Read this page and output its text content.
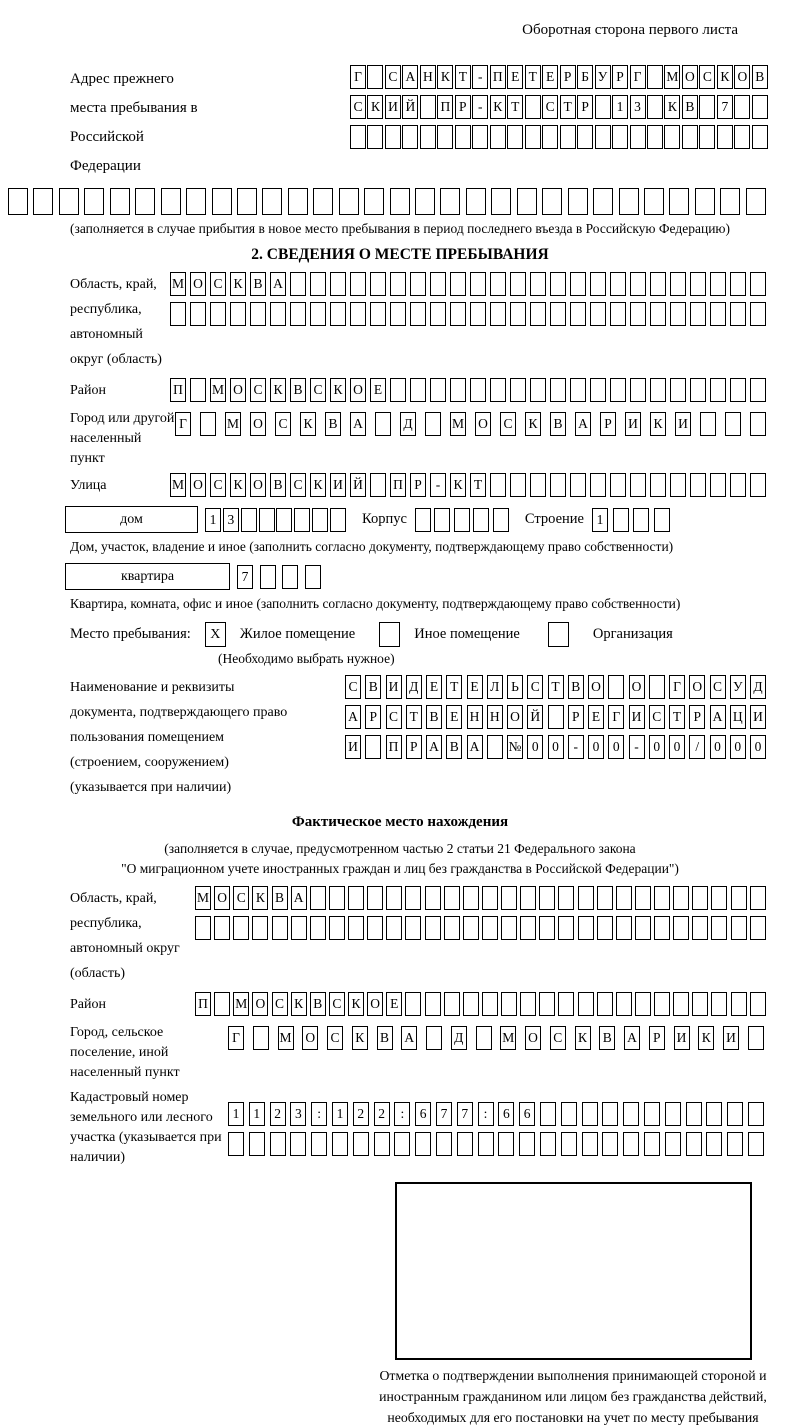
Оборотная сторона первого листа
Адрес прежнего места пребывания в Российской Федерации
Г	С А Н К Т - П Е Т Е Р Б У Р Г	М О С К О В
С К И Й П Р - К Т С Т Р	1 3	К В	7
(заполняется в случае прибытия в новое место пребывания в период последнего въезда в Российскую Федерацию)
2. СВЕДЕНИЯ О МЕСТЕ ПРЕБЫВАНИЯ
Область, край, республика, автономный округ (область)
М О С К В А
Район	П М О С К В С К О Е
Город или другой населенный пункт
Г	М О С К В А	Д	М О С К В А	Р	И К И
Улица	М О С К О В С К И Й П Р	- К Т
дом	1 3	Корпус	Строение 1
Дом, участок, владение и иное (заполнить согласно документу, подтверждающему право собственности)
квартира	7
Квартира, комната, офис и иное (заполнить согласно документу, подтверждающему право собственности)
Место пребывания:	X	Жилое помещение	Иное помещение	Организация
(Необходимо выбрать нужное)
Наименование и реквизиты документа, подтверждающего право пользования помещением (строением, сооружением) (указывается при наличии)
С В И Д Е Т Е Л Ь С Т В О О	Г О С У Д
А Р С Т В Е Н Н О Й	Р Е Г И С Т Р А Ц И
И П Р А В А № 0	0	-	0	0	-	0	0	/	0	0	0
Фактическое место нахождения
(заполняется в случае, предусмотренном частью 2 статьи 21 Федерального закона
"О миграционном учете иностранных граждан и лиц без гражданства в Российской Федерации")
Область, край, республика, автономный округ (область)
М О С К В А
Район	П М О С К В С К О Е
Город, сельское поселение, иной населенный пункт
Г	М О С К В А	Д	М О С К В А	Р	И К И
Кадастровый номер земельного или лесного участка (указывается при наличии)
1	1	2	3	:	1	2	2	:	6	7	7	:	6	6
Отметка о подтверждении выполнения принимающей стороной и иностранным гражданином или лицом без гражданства действий, необходимых для его постановки на учет по месту пребывания
